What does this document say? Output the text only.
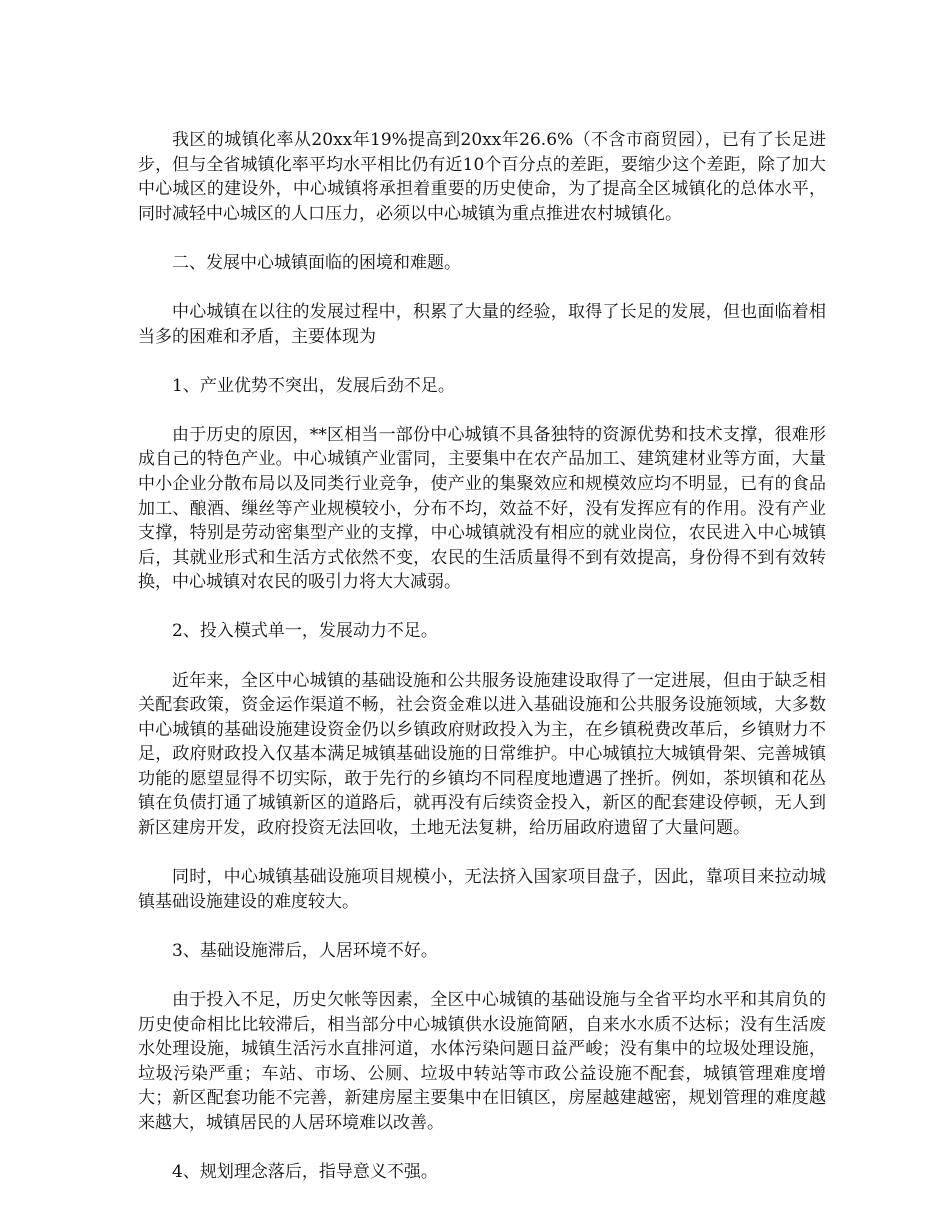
我区的城镇化率从20xx年19%提高到20xx年26.6%（不含市商贸园），已有了长足进步，但与全省城镇化率平均水平相比仍有近10个百分点的差距，要缩少这个差距，除了加大中心城区的建设外，中心城镇将承担着重要的历史使命，为了提高全区城镇化的总体水平，同时减轻中心城区的人口压力，必须以中心城镇为重点推进农村城镇化。

二、发展中心城镇面临的困境和难题。

中心城镇在以往的发展过程中，积累了大量的经验，取得了长足的发展，但也面临着相当多的困难和矛盾，主要体现为

1、产业优势不突出，发展后劲不足。

由于历史的原因，**区相当一部份中心城镇不具备独特的资源优势和技术支撑，很难形成自己的特色产业。中心城镇产业雷同，主要集中在农产品加工、建筑建材业等方面，大量中小企业分散布局以及同类行业竞争，使产业的集聚效应和规模效应均不明显，已有的食品加工、酿酒、缫丝等产业规模较小，分布不均，效益不好，没有发挥应有的作用。没有产业支撑，特别是劳动密集型产业的支撑，中心城镇就没有相应的就业岗位，农民进入中心城镇后，其就业形式和生活方式依然不变，农民的生活质量得不到有效提高，身份得不到有效转换，中心城镇对农民的吸引力将大大减弱。

2、投入模式单一，发展动力不足。

近年来，全区中心城镇的基础设施和公共服务设施建设取得了一定进展，但由于缺乏相关配套政策，资金运作渠道不畅，社会资金难以进入基础设施和公共服务设施领域，大多数中心城镇的基础设施建设资金仍以乡镇政府财政投入为主，在乡镇税费改革后，乡镇财力不足，政府财政投入仅基本满足城镇基础设施的日常维护。中心城镇拉大城镇骨架、完善城镇功能的愿望显得不切实际，敢于先行的乡镇均不同程度地遭遇了挫折。例如，茶坝镇和花丛镇在负债打通了城镇新区的道路后，就再没有后续资金投入，新区的配套建设停顿，无人到新区建房开发，政府投资无法回收，土地无法复耕，给历届政府遗留了大量问题。

同时，中心城镇基础设施项目规模小，无法挤入国家项目盘子，因此，靠项目来拉动城镇基础设施建设的难度较大。

3、基础设施滞后，人居环境不好。

由于投入不足，历史欠帐等因素，全区中心城镇的基础设施与全省平均水平和其肩负的历史使命相比比较滞后，相当部分中心城镇供水设施简陋，自来水水质不达标；没有生活废水处理设施，城镇生活污水直排河道，水体污染问题日益严峻；没有集中的垃圾处理设施，垃圾污染严重；车站、市场、公厕、垃圾中转站等市政公益设施不配套，城镇管理难度增大；新区配套功能不完善，新建房屋主要集中在旧镇区，房屋越建越密，规划管理的难度越来越大，城镇居民的人居环境难以改善。

4、规划理念落后，指导意义不强。
